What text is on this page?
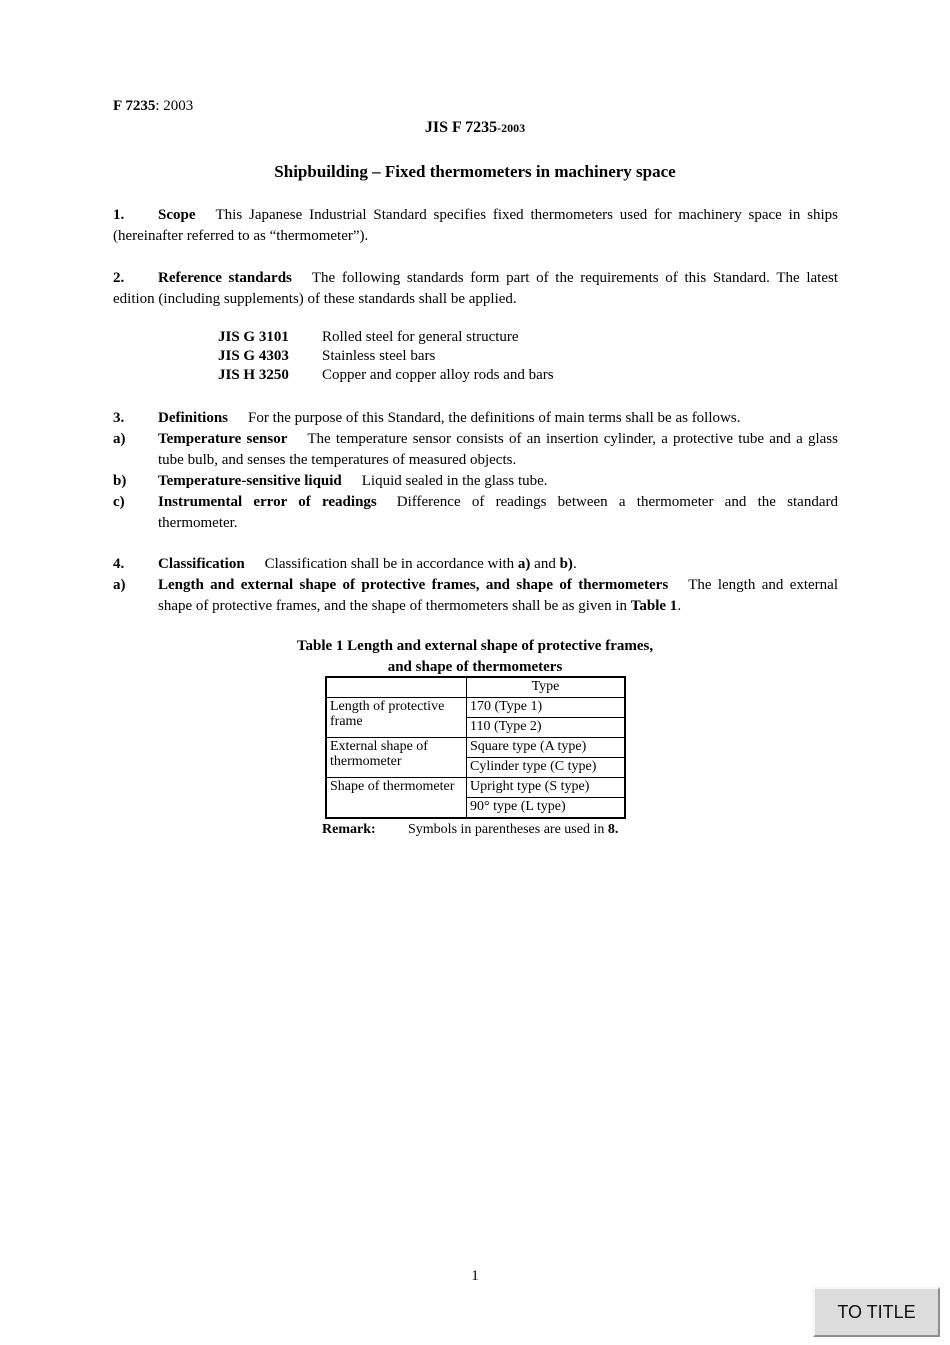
F 7235: 2003
JIS F 7235-2003
Shipbuilding – Fixed thermometers in machinery space
1. Scope This Japanese Industrial Standard specifies fixed thermometers used for machinery space in ships (hereinafter referred to as “thermometer”).
2. Reference standards The following standards form part of the requirements of this Standard. The latest edition (including supplements) of these standards shall be applied.
JIS G 3101 Rolled steel for general structure
JIS G 4303 Stainless steel bars
JIS H 3250 Copper and copper alloy rods and bars
3. Definitions For the purpose of this Standard, the definitions of main terms shall be as follows.
a) Temperature sensor The temperature sensor consists of an insertion cylinder, a protective tube and a glass tube bulb, and senses the temperatures of measured objects.
b) Temperature-sensitive liquid Liquid sealed in the glass tube.
c) Instrumental error of readings Difference of readings between a thermometer and the standard thermometer.
4. Classification Classification shall be in accordance with a) and b).
a) Length and external shape of protective frames, and shape of thermometers The length and external shape of protective frames, and the shape of thermometers shall be as given in Table 1.
Table 1 Length and external shape of protective frames,
and shape of thermometers
	Type
Length of protective frame	170 (Type 1)
	110 (Type 2)
External shape of thermometer	Square type (A type)
	Cylinder type (C type)
Shape of thermometer	Upright type (S type)
	90° type (L type)
Remark: Symbols in parentheses are used in 8.
1
TO TITLE
